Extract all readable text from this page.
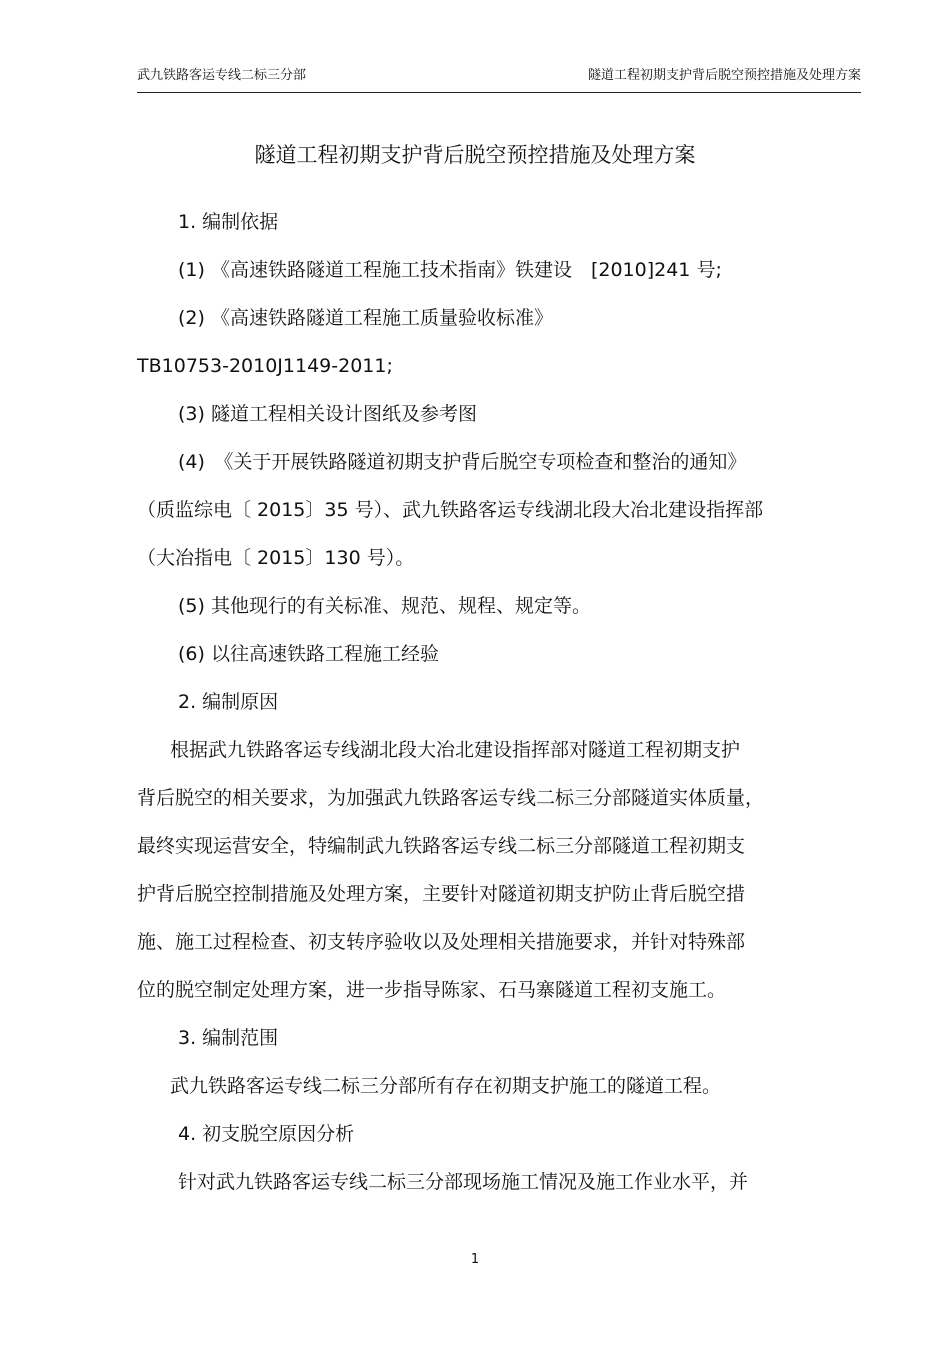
武九铁路客运专线二标三分部	隧道工程初期支护背后脱空预控措施及处理方案
隧道工程初期支护背后脱空预控措施及处理方案
1. 编制依据
(1) 《高速铁路隧道工程施工技术指南》铁建设　[2010]241 号;
(2) 《高速铁路隧道工程施工质量验收标准》
TB10753-2010J1149-2011;
(3) 隧道工程相关设计图纸及参考图
(4)　《关于开展铁路隧道初期支护背后脱空专项检查和整治的通知》
（质监综电〔 2015〕35 号）、武九铁路客运专线湖北段大冶北建设指挥部
（大冶指电〔 2015〕130 号）。
(5) 其他现行的有关标准、规范、规程、规定等。
(6) 以往高速铁路工程施工经验
2. 编制原因
根据武九铁路客运专线湖北段大冶北建设指挥部对隧道工程初期支护
背后脱空的相关要求，为加强武九铁路客运专线二标三分部隧道实体质量，
最终实现运营安全，特编制武九铁路客运专线二标三分部隧道工程初期支
护背后脱空控制措施及处理方案，主要针对隧道初期支护防止背后脱空措
施、施工过程检查、初支转序验收以及处理相关措施要求，并针对特殊部
位的脱空制定处理方案，进一步指导陈家、石马寨隧道工程初支施工。
3. 编制范围
武九铁路客运专线二标三分部所有存在初期支护施工的隧道工程。
4. 初支脱空原因分析
针对武九铁路客运专线二标三分部现场施工情况及施工作业水平，并
1
